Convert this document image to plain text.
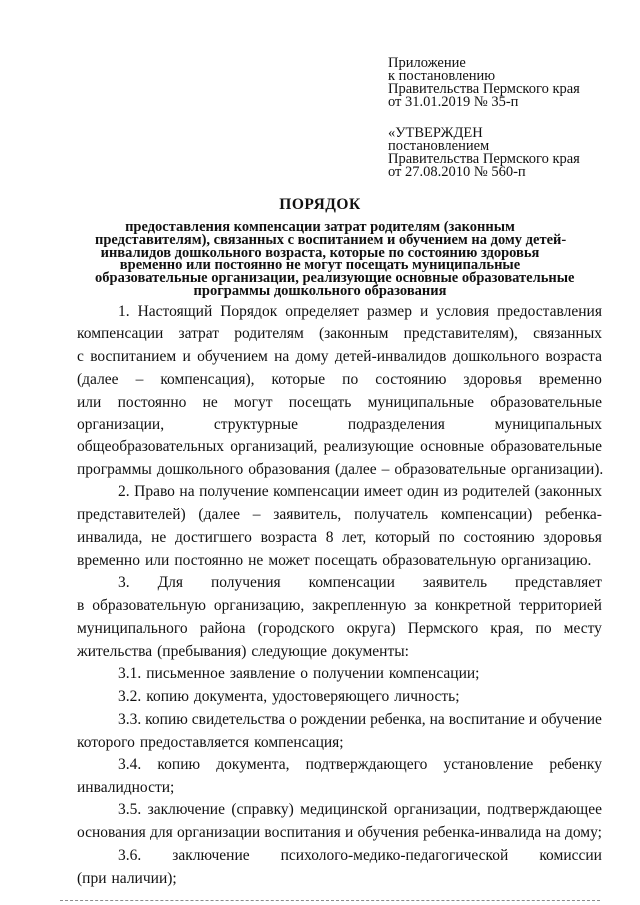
Приложение
к постановлению
Правительства Пермского края
от 31.01.2019 № 35-п
«УТВЕРЖДЕН
постановлением
Правительства Пермского края
от 27.08.2010 № 560-п
ПОРЯДОК
предоставления компенсации затрат родителям (законным
представителям), связанных с воспитанием и обучением на дому детей-
инвалидов дошкольного возраста, которые по состоянию здоровья
временно или постоянно не могут посещать муниципальные
образовательные организации, реализующие основные образовательные
программы дошкольного образования
1. Настоящий Порядок определяет размер и условия предоставления
компенсации затрат родителям (законным представителям), связанных
с воспитанием и обучением на дому детей-инвалидов дошкольного возраста
(далее – компенсация), которые по состоянию здоровья временно
или постоянно не могут посещать муниципальные образовательные
организации,	структурные	подразделения	муниципальных
общеобразовательных организаций, реализующие основные образовательные
программы дошкольного образования (далее – образовательные организации).
2. Право на получение компенсации имеет один из родителей (законных
представителей) (далее – заявитель, получатель компенсации) ребенка-
инвалида, не достигшего возраста 8 лет, который по состоянию здоровья
временно или постоянно не может посещать образовательную организацию.
3. Для получения компенсации заявитель представляет
в образовательную организацию, закрепленную за конкретной территорией
муниципального района (городского округа) Пермского края, по месту
жительства (пребывания) следующие документы:
3.1. письменное заявление о получении компенсации;
3.2. копию документа, удостоверяющего личность;
3.3. копию свидетельства о рождении ребенка, на воспитание и обучение
которого предоставляется компенсация;
3.4. копию документа, подтверждающего установление ребенку
инвалидности;
3.5. заключение (справку) медицинской организации, подтверждающее
основания для организации воспитания и обучения ребенка-инвалида на дому;
3.6. заключение психолого-медико-педагогической комиссии
(при наличии);
